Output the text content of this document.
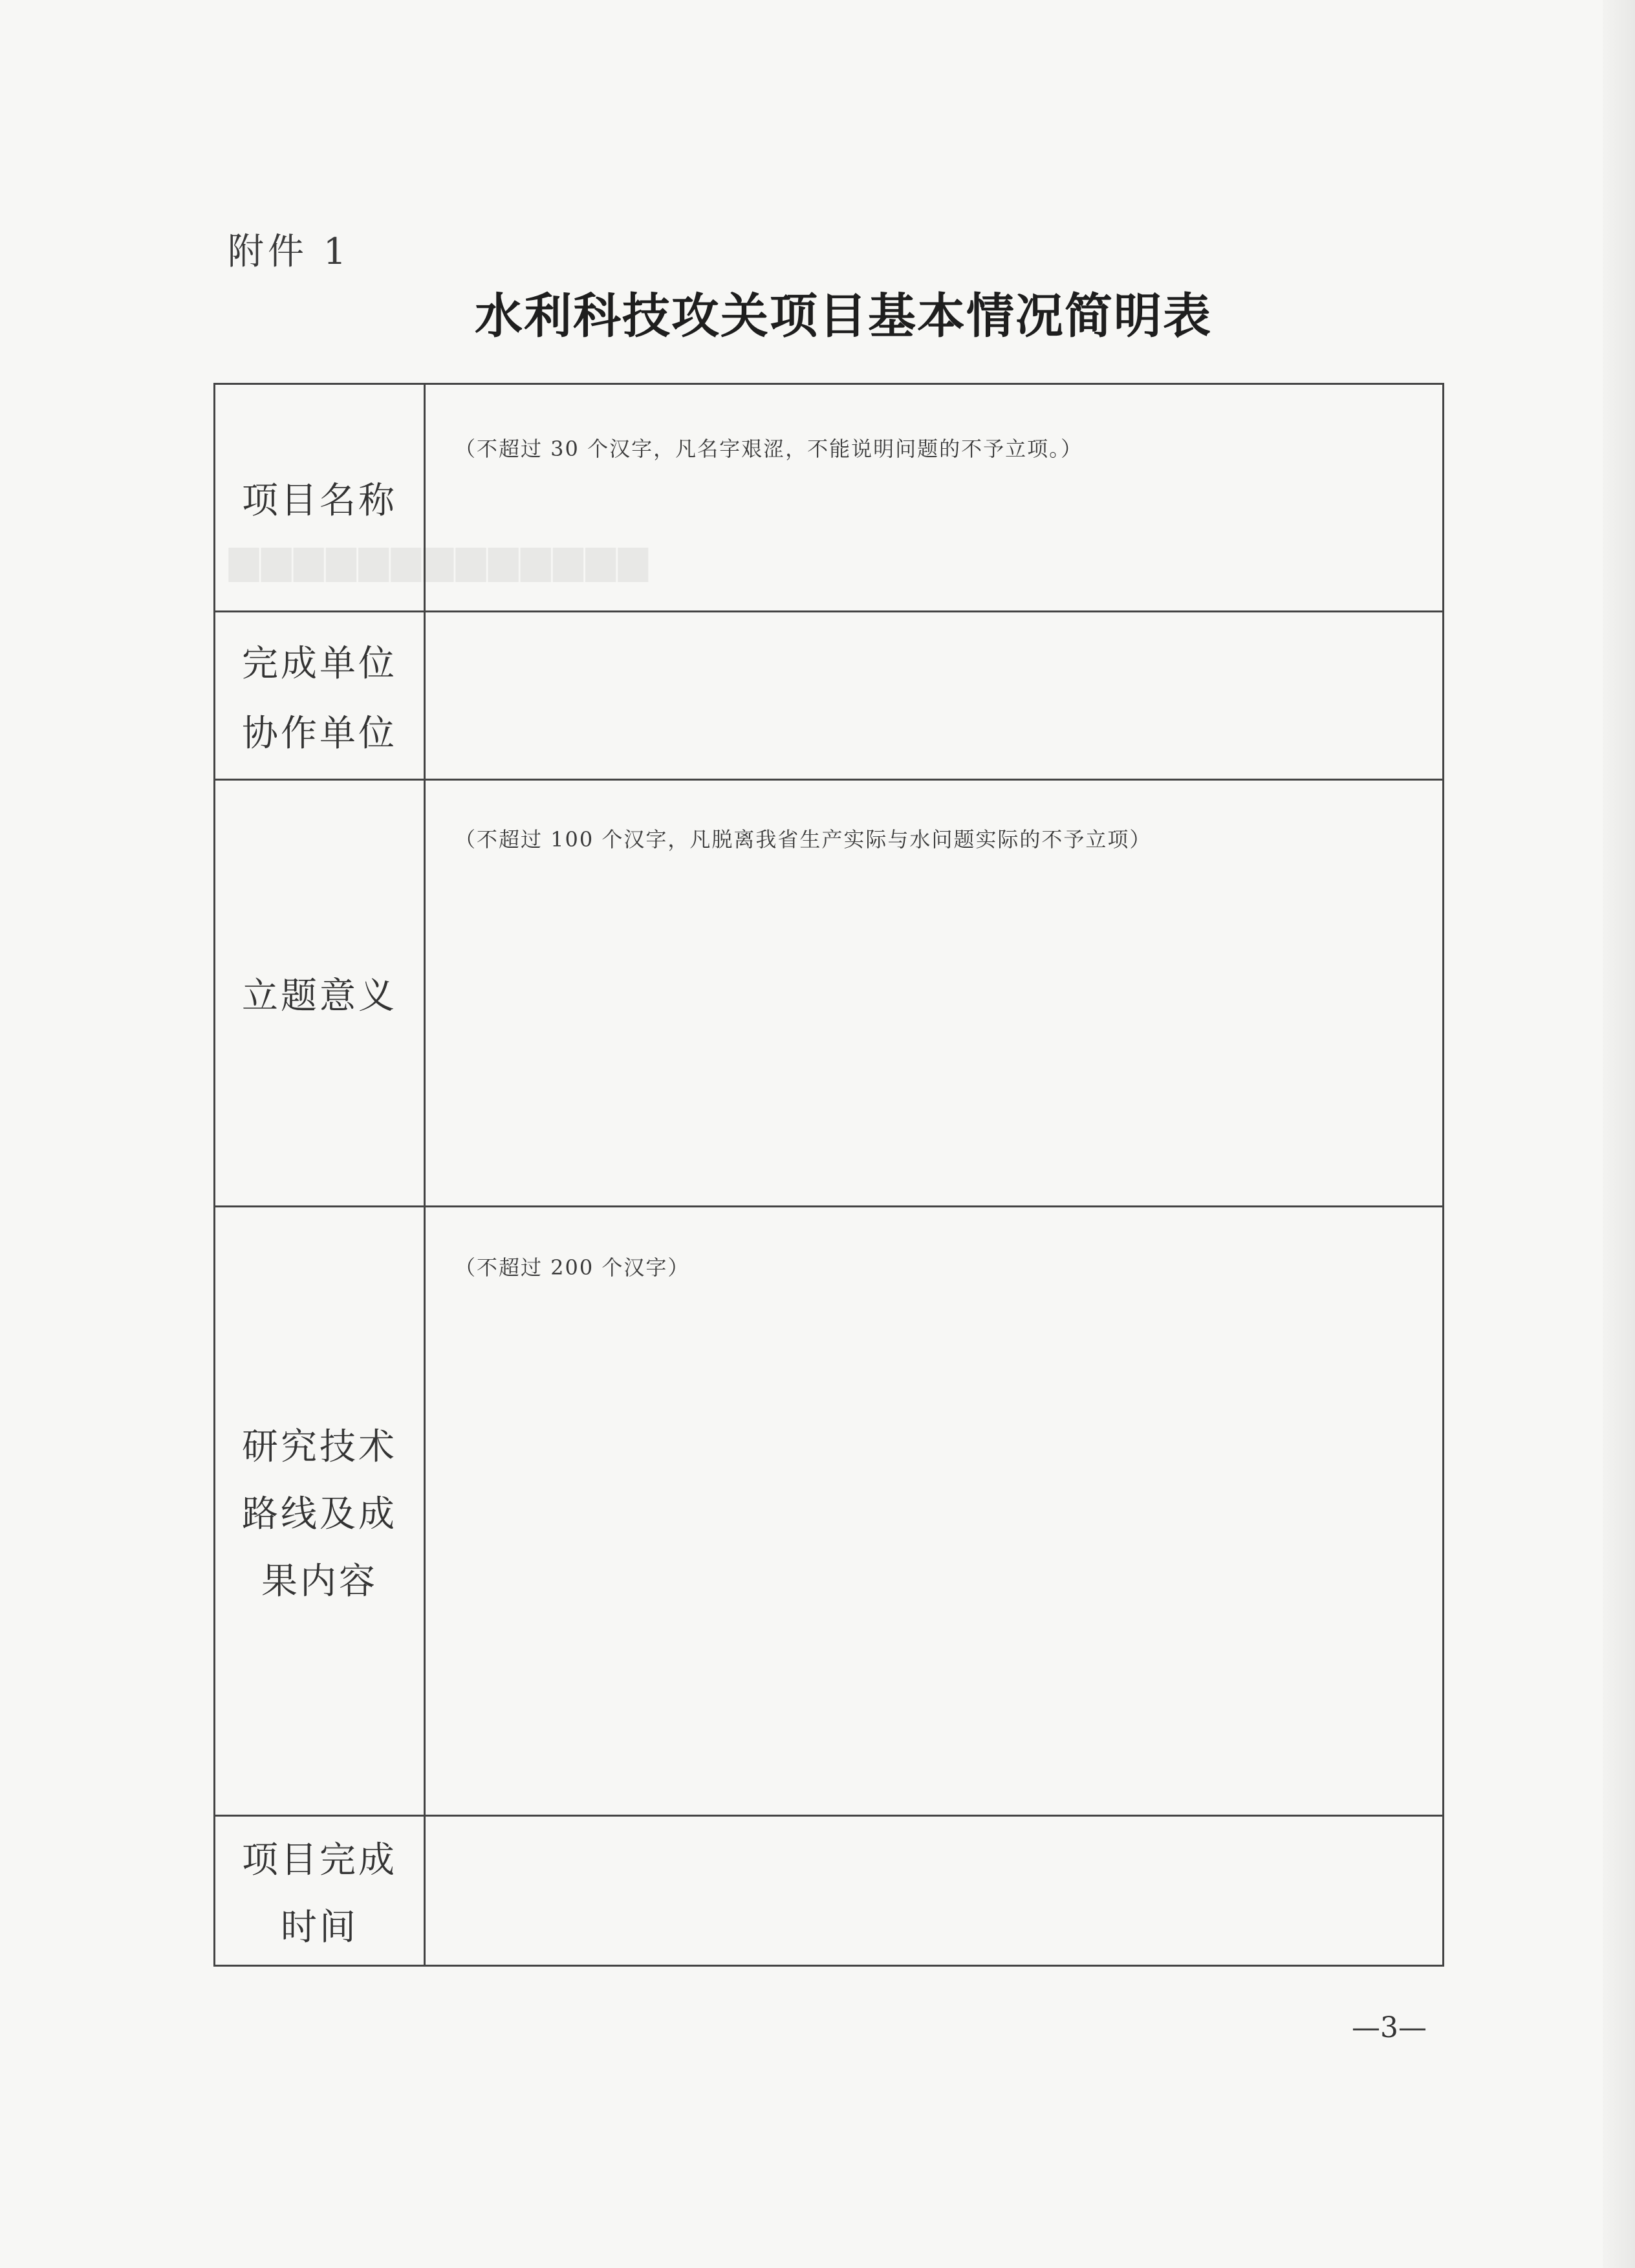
▆▆▆▆▆▆▆▆▆▆▆▆▆
附件 1
水利科技攻关项目基本情况简明表
项目名称
（不超过 30 个汉字，凡名字艰涩，不能说明问题的不予立项。）
完成单位
协作单位
立题意义
（不超过 100 个汉字，凡脱离我省生产实际与水问题实际的不予立项）
研究技术
路线及成
果内容
（不超过 200 个汉字）
项目完成
时间
—3—
